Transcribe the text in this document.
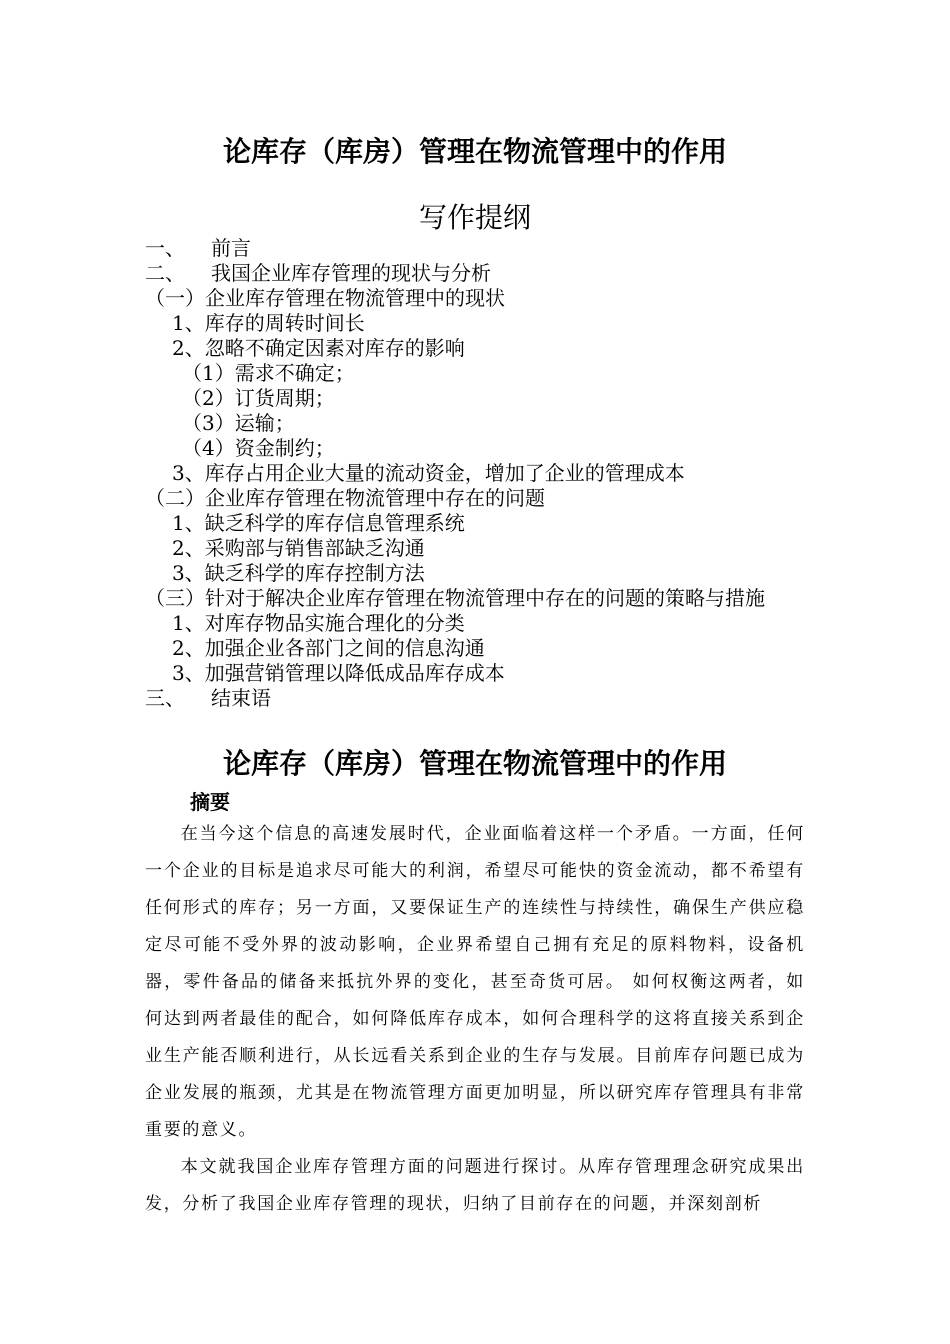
论库存（库房）管理在物流管理中的作用
写作提纲
一、 前言
二、 我国企业库存管理的现状与分析
（一）企业库存管理在物流管理中的现状
1、库存的周转时间长
2、忽略不确定因素对库存的影响
（1）需求不确定；
（2）订货周期；
（3）运输；
（4）资金制约；
3、库存占用企业大量的流动资金，增加了企业的管理成本
（二）企业库存管理在物流管理中存在的问题
1、缺乏科学的库存信息管理系统
2、采购部与销售部缺乏沟通
3、缺乏科学的库存控制方法
（三）针对于解决企业库存管理在物流管理中存在的问题的策略与措施
1、对库存物品实施合理化的分类
2、加强企业各部门之间的信息沟通
3、加强营销管理以降低成品库存成本
三、 结束语
论库存（库房）管理在物流管理中的作用
摘要

在当今这个信息的高速发展时代，企业面临着这样一个矛盾。一方面，任何一个企业的目标是追求尽可能大的利润，希望尽可能快的资金流动，都不希望有任何形式的库存；另一方面，又要保证生产的连续性与持续性，确保生产供应稳定尽可能不受外界的波动影响，企业界希望自己拥有充足的原料物料，设备机器，零件备品的储备来抵抗外界的变化，甚至奇货可居。 如何权衡这两者，如何达到两者最佳的配合，如何降低库存成本，如何合理科学的这将直接关系到企业生产能否顺利进行，从长远看关系到企业的生存与发展。目前库存问题已成为企业发展的瓶颈，尤其是在物流管理方面更加明显，所以研究库存管理具有非常重要的意义。

本文就我国企业库存管理方面的问题进行探讨。从库存管理理念研究成果出发，分析了我国企业库存管理的现状，归纳了目前存在的问题，并深刻剖析
